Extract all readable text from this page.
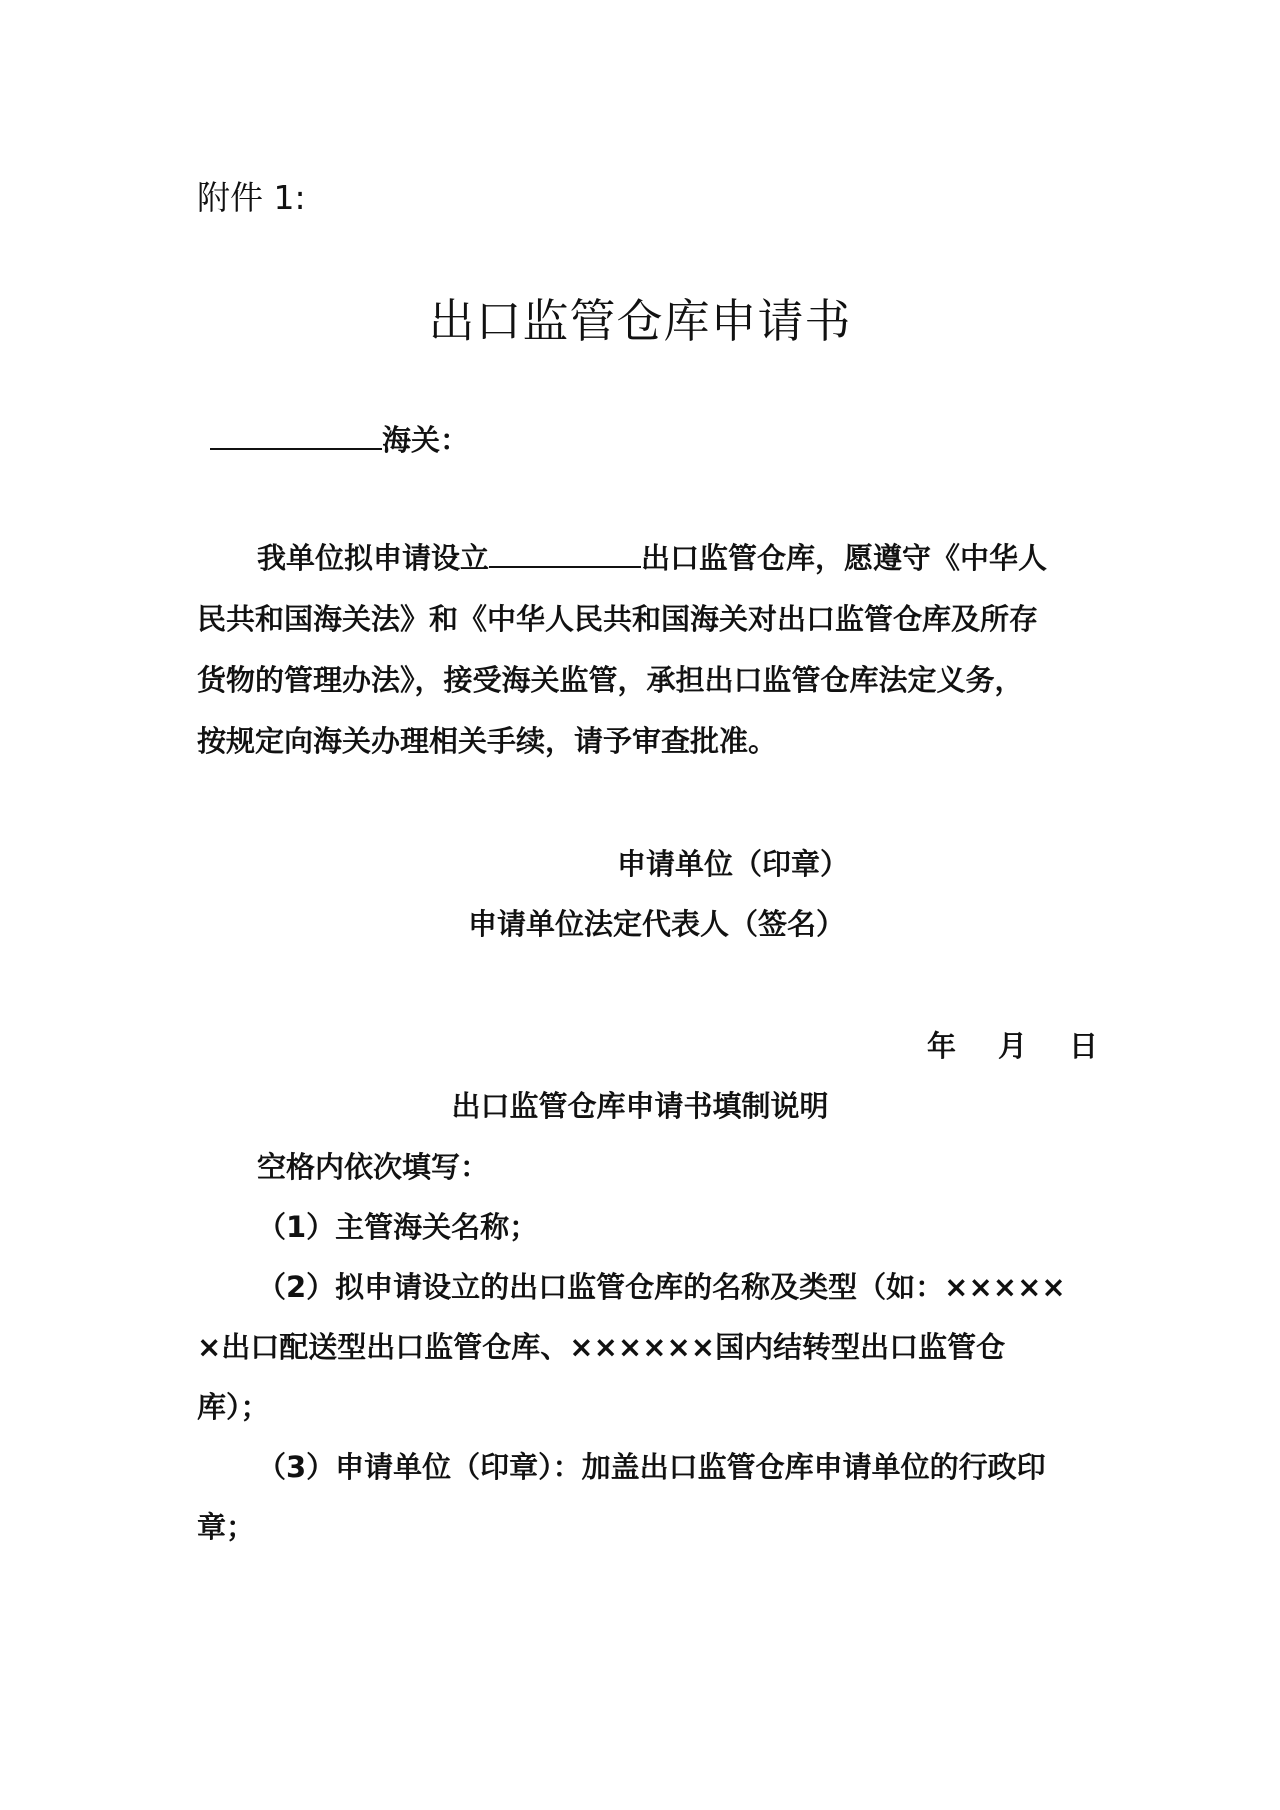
附件 1:
出口监管仓库申请书
海关：
我单位拟申请设立	出口监管仓库，愿遵守《中华人
民共和国海关法》和《中华人民共和国海关对出口监管仓库及所存
货物的管理办法》，接受海关监管，承担出口监管仓库法定义务，
按规定向海关办理相关手续，请予审查批准。
申请单位（印章）
申请单位法定代表人（签名）
年 月 日
出口监管仓库申请书填制说明
空格内依次填写：
（1）主管海关名称；
（2）拟申请设立的出口监管仓库的名称及类型（如：×××××
×出口配送型出口监管仓库、××××××国内结转型出口监管仓
库）；
（3）申请单位（印章）：加盖出口监管仓库申请单位的行政印
章；
